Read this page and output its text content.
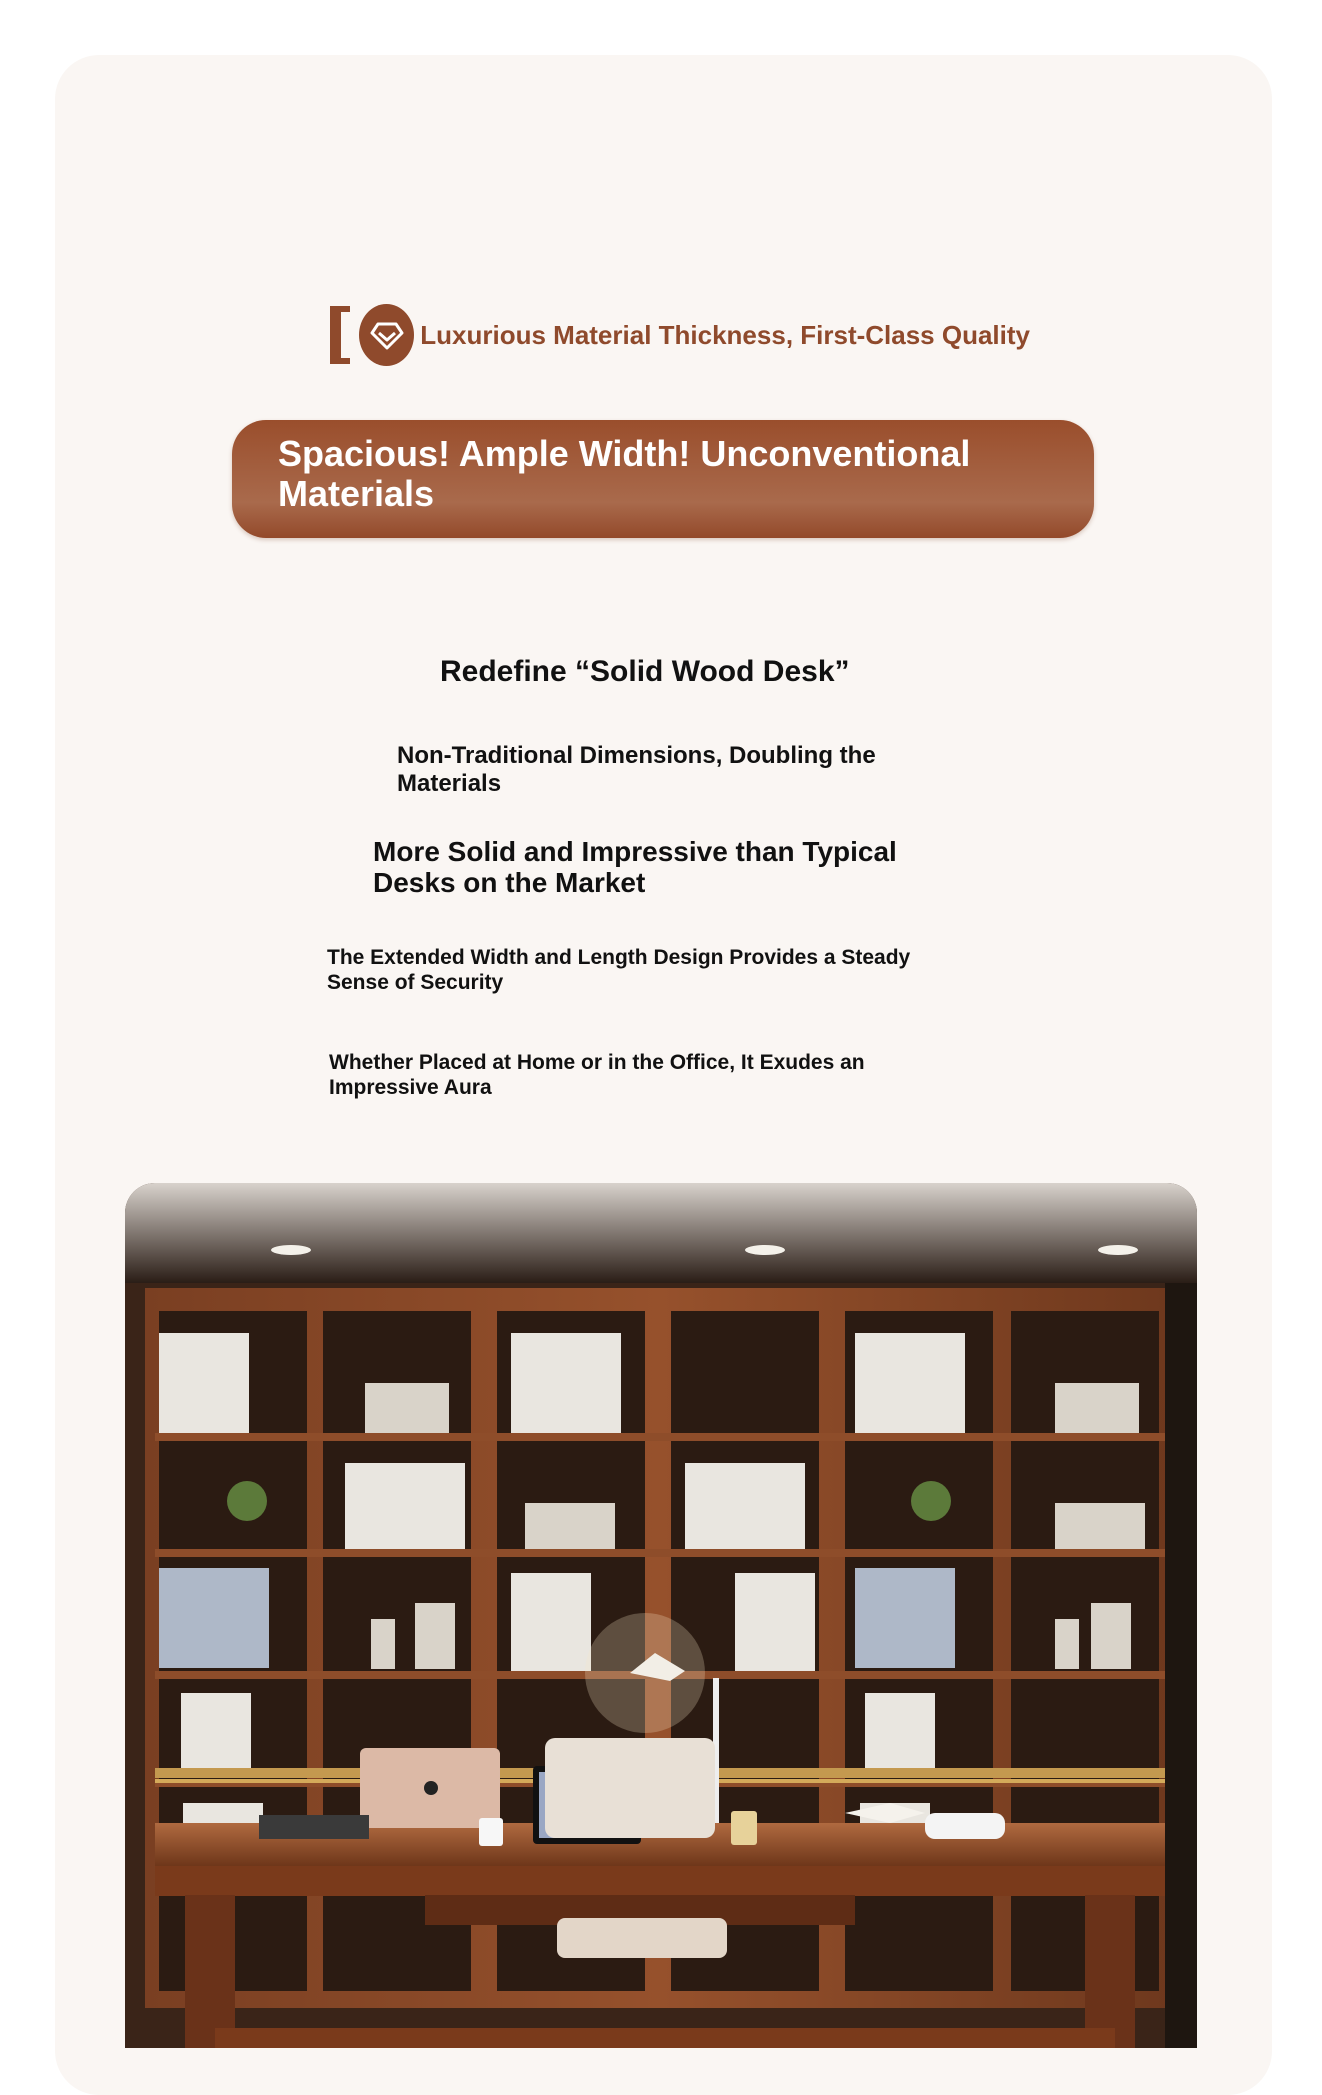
Luxurious Material Thickness, First-Class Quality
Spacious! Ample Width! Unconventional Materials
Redefine “Solid Wood Desk”
Non-Traditional Dimensions, Doubling the Materials
More Solid and Impressive than Typical Desks on the Market
The Extended Width and Length Design Provides a Steady Sense of Security
Whether Placed at Home or in the Office, It Exudes an Impressive Aura
